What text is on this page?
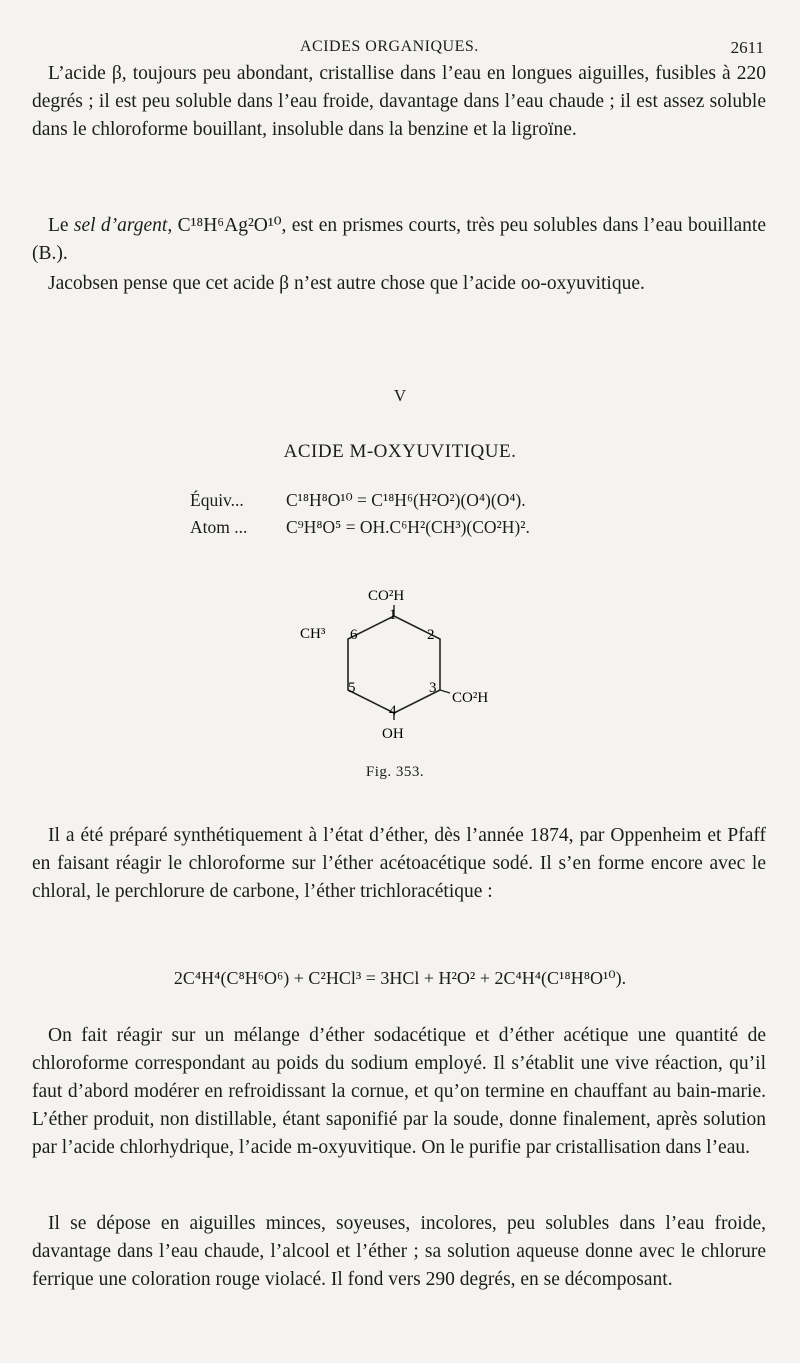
ACIDES ORGANIQUES.	2611

L’acide β, toujours peu abondant, cristallise dans l’eau en longues aiguilles, fusibles à 220 degrés ; il est peu soluble dans l’eau froide, davantage dans l’eau chaude ; il est assez soluble dans le chloroforme bouillant, insoluble dans la benzine et la ligroïne.

Le sel d’argent, C¹⁸H⁶Ag²O¹⁰, est en prismes courts, très peu solubles dans l’eau bouillante (B.).

Jacobsen pense que cet acide β n’est autre chose que l’acide oo-oxyuvitique.

V
ACIDE M-OXYUVITIQUE.
Équiv... C¹⁸H⁸O¹⁰ = C¹⁸H⁶(H²O²)(O⁴)(O⁴).
Atom ... C⁹H⁸O⁵ = OH.C⁶H²(CH³)(CO²H)².
CO²H
CH³
CO²H
OH
1
2
3
4
5
6
Fig. 353.

Il a été préparé synthétiquement à l’état d’éther, dès l’année 1874, par Oppenheim et Pfaff en faisant réagir le chloroforme sur l’éther acétoacétique sodé. Il s’en forme encore avec le chloral, le perchlorure de carbone, l’éther trichloracétique :

2C⁴H⁴(C⁸H⁶O⁶) + C²HCl³ = 3HCl + H²O² + 2C⁴H⁴(C¹⁸H⁸O¹⁰).

On fait réagir sur un mélange d’éther sodacétique et d’éther acétique une quantité de chloroforme correspondant au poids du sodium employé. Il s’établit une vive réaction, qu’il faut d’abord modérer en refroidissant la cornue, et qu’on termine en chauffant au bain-marie. L’éther produit, non distillable, étant saponifié par la soude, donne finalement, après solution par l’acide chlorhydrique, l’acide m-oxyuvitique. On le purifie par cristallisation dans l’eau.

Il se dépose en aiguilles minces, soyeuses, incolores, peu solubles dans l’eau froide, davantage dans l’eau chaude, l’alcool et l’éther ; sa solution aqueuse donne avec le chlorure ferrique une coloration rouge violacé. Il fond vers 290 degrés, en se décomposant.
